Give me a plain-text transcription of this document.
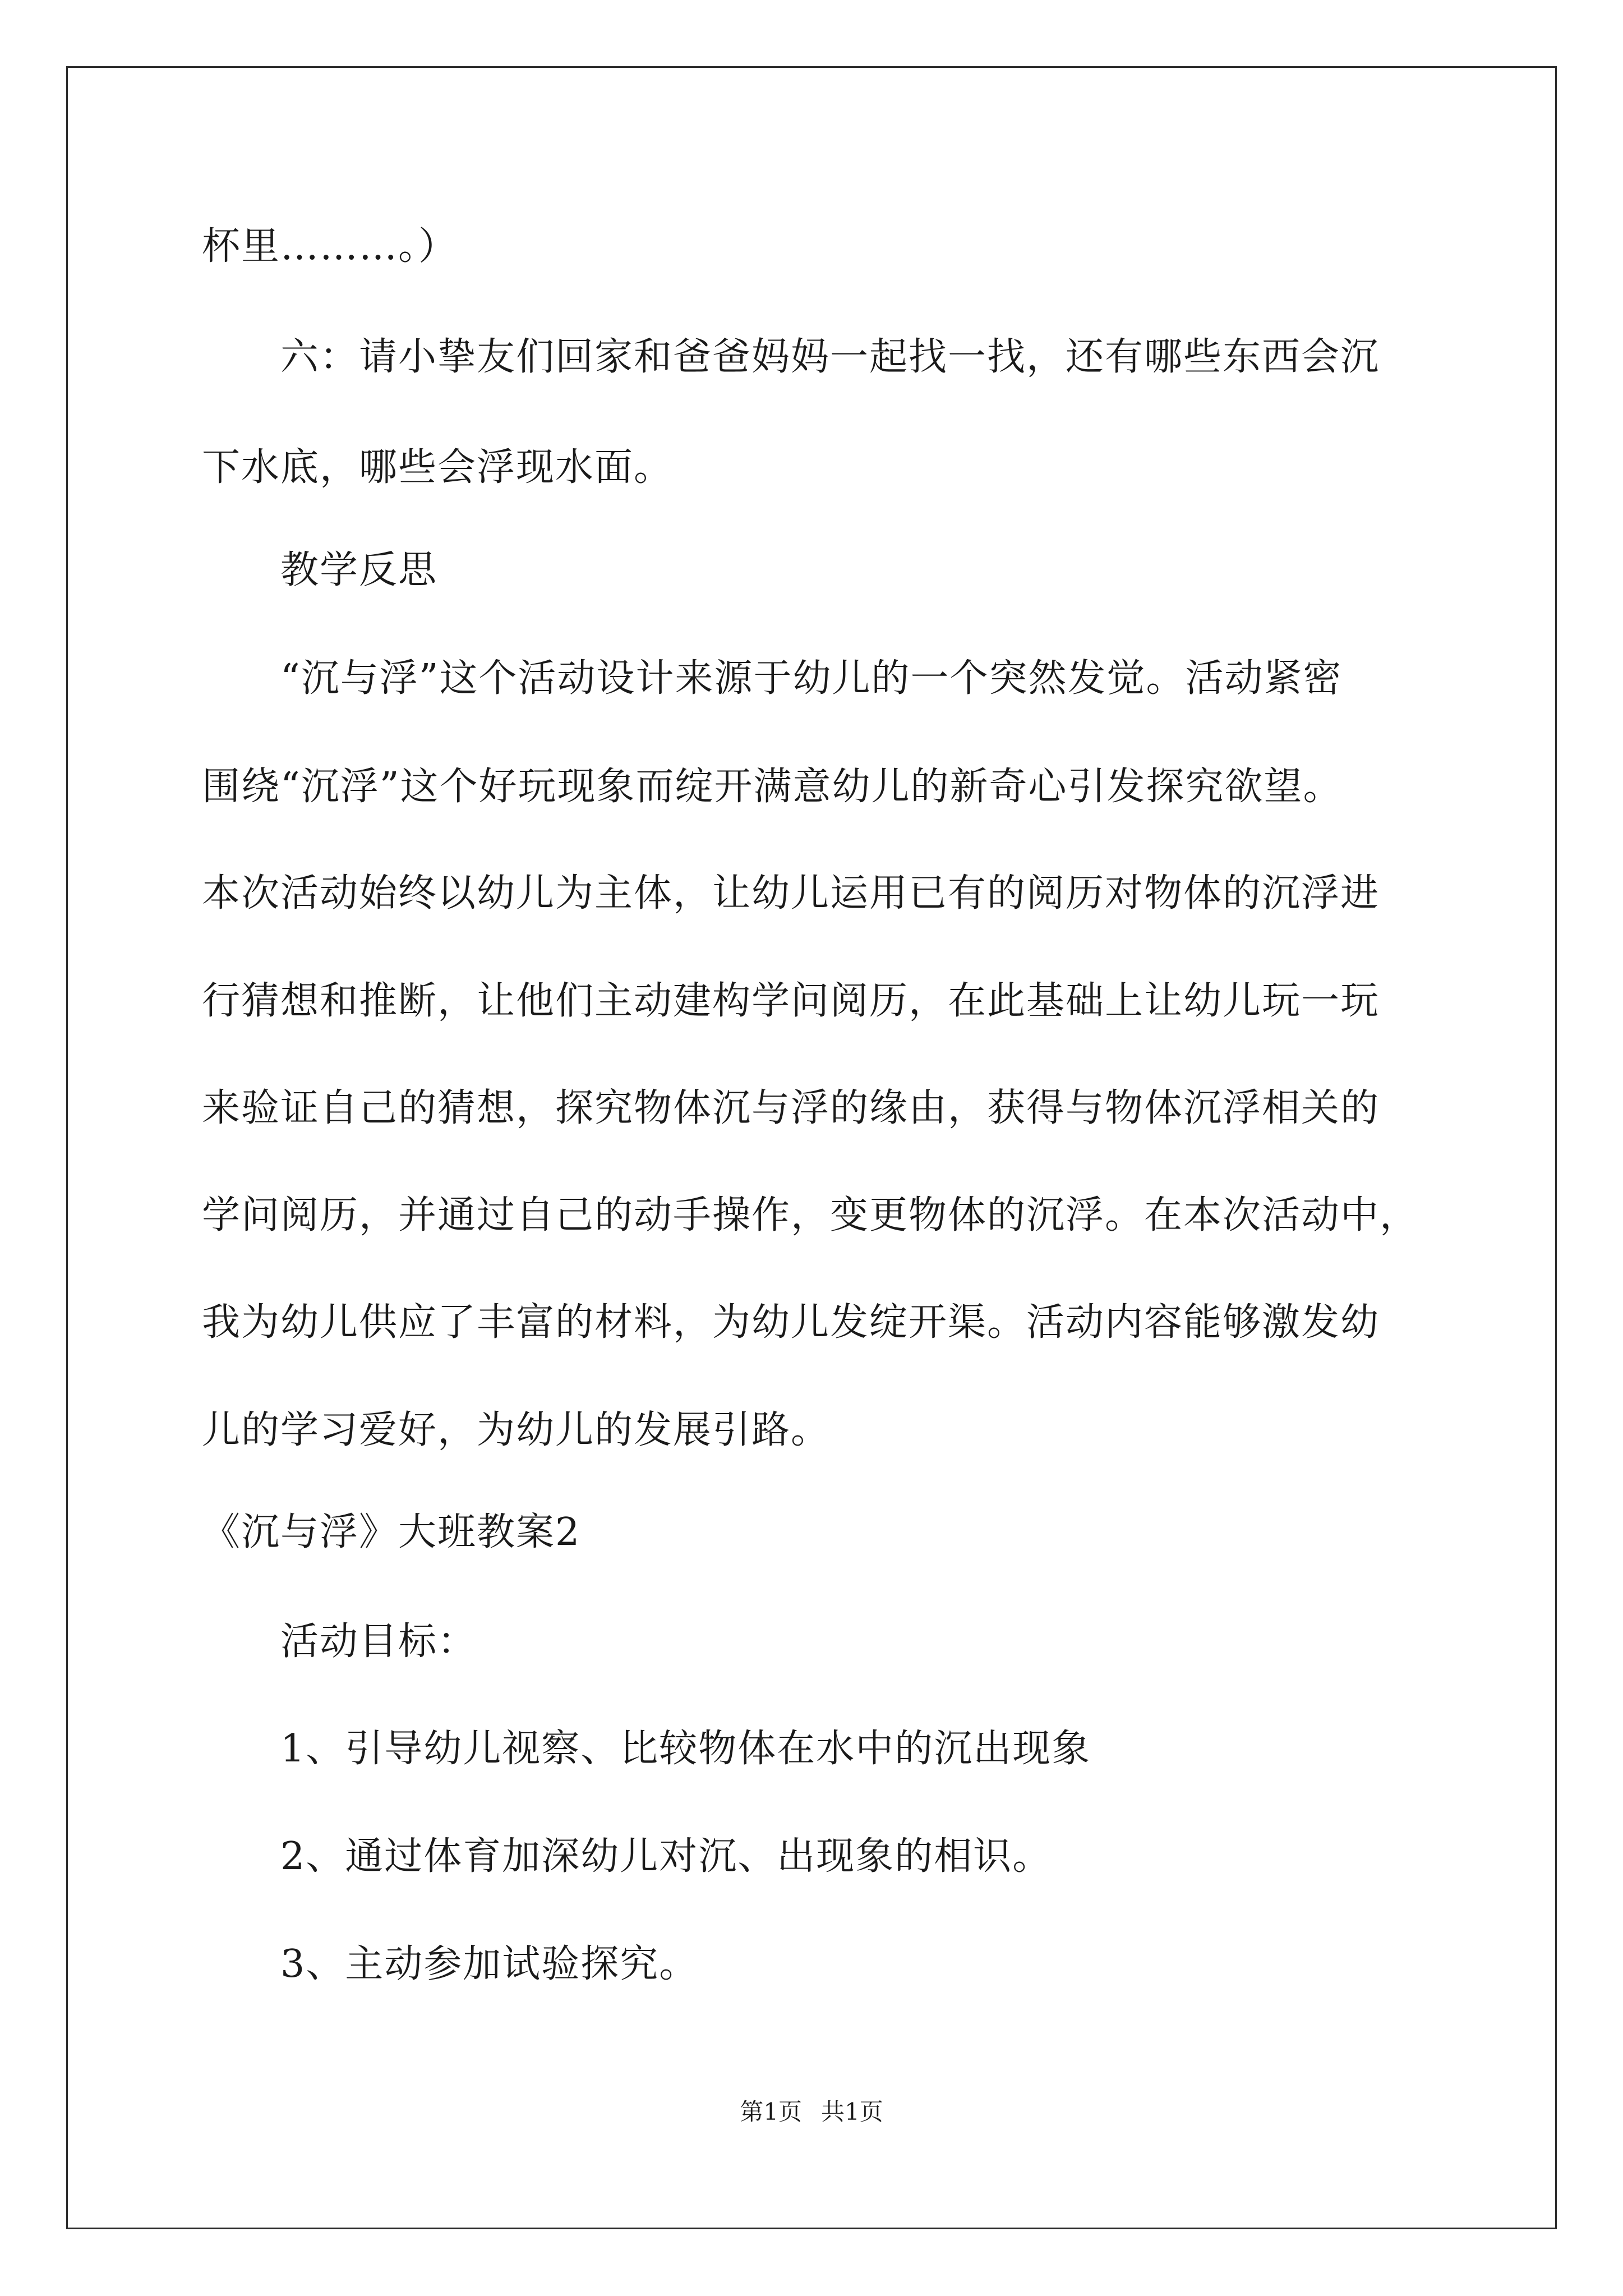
杯里………。）

　　六：请小挚友们回家和爸爸妈妈一起找一找，还有哪些东西会沉

下水底，哪些会浮现水面。

　　教学反思

　　“沉与浮”这个活动设计来源于幼儿的一个突然发觉。活动紧密

围绕“沉浮”这个好玩现象而绽开满意幼儿的新奇心引发探究欲望。

本次活动始终以幼儿为主体，让幼儿运用已有的阅历对物体的沉浮进

行猜想和推断，让他们主动建构学问阅历，在此基础上让幼儿玩一玩

来验证自己的猜想，探究物体沉与浮的缘由，获得与物体沉浮相关的

学问阅历，并通过自己的动手操作，变更物体的沉浮。在本次活动中，

我为幼儿供应了丰富的材料，为幼儿发绽开渠。活动内容能够激发幼

儿的学习爱好，为幼儿的发展引路。

《沉与浮》大班教案2

　　活动目标：

　　1、引导幼儿视察、比较物体在水中的沉出现象

　　2、通过体育加深幼儿对沉、出现象的相识。

　　3、主动参加试验探究。

第1页 共1页
